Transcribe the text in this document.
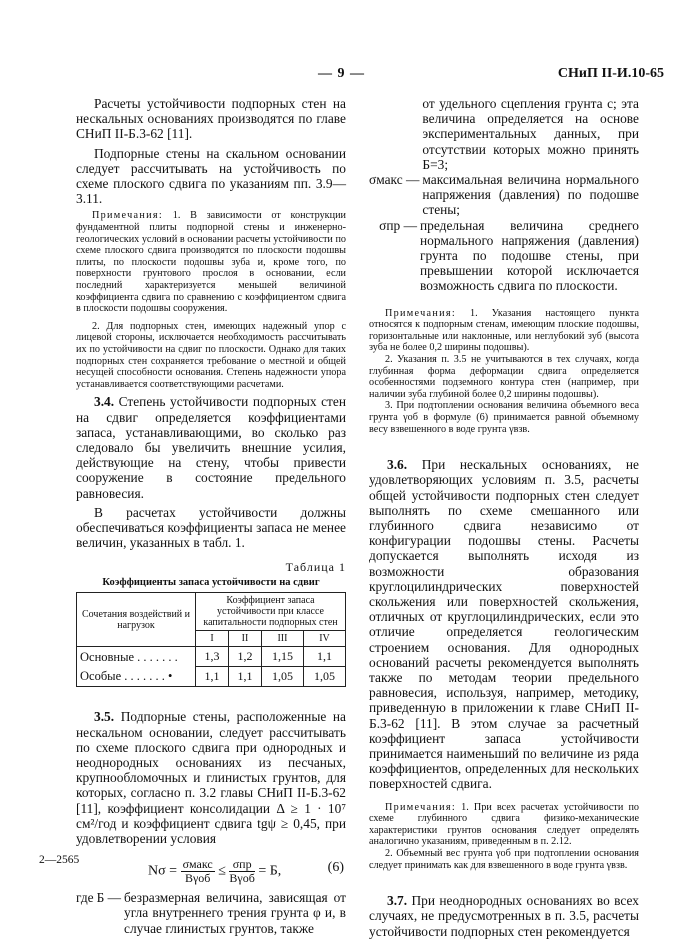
— 9 —	СНиП II-И.10-65

Расчеты устойчивости подпорных стен на нескальных основаниях производятся по главе СНиП II-Б.3-62 [11].

Подпорные стены на скальном основании следует рассчитывать на устойчивость по схеме плоского сдвига по указаниям пп. 3.9—3.11.

Примечания: 1. В зависимости от конструкции фундаментной плиты подпорной стены и инженерно-геологических условий в основании расчеты устойчивости по схеме плоского сдвига производятся по плоскости подошвы плиты, по плоскости подошвы зуба и, кроме того, по поверхности грунтового прослоя в основании, если последний характеризуется меньшей величиной коэффициента сдвига по сравнению с коэффициентом сдвига в плоскости подошвы сооружения.

2. Для подпорных стен, имеющих надежный упор с лицевой стороны, исключается необходимость рассчитывать их по устойчивости на сдвиг по плоскости. Однако для таких подпорных стен сохраняется требование о местной и общей несущей способности основания. Степень надежности упора устанавливается соответствующими расчетами.

3.4. Степень устойчивости подпорных стен на сдвиг определяется коэффициентами запаса, устанавливающими, во сколько раз следовало бы увеличить внешние усилия, действующие на стену, чтобы привести сооружение в состояние предельного равновесия.

В расчетах устойчивости должны обеспечиваться коэффициенты запаса не менее величин, указанных в табл. 1.

Таблица 1
Коэффициенты запаса устойчивости на сдвиг
Сочетания воздействий и нагрузок	Коэффициент запаса устойчивости при классе капитальности подпорных стен			
	I	II	III	IV
Основные . . . . . . .	1,3	1,2	1,15	1,1
Особые . . . . . . . •	1,1	1,1	1,05	1,05

3.5. Подпорные стены, расположенные на нескальном основании, следует рассчитывать по схеме плоского сдвига при однородных и неоднородных основаниях из песчаных, крупнообломочных и глинистых грунтов, для которых, согласно п. 3.2 главы СНиП II-Б.3-62 [11], коэффициент консолидации Δ ≥ 1 · 10⁷ см²/год и коэффициент сдвига tgψ ≥ 0,45, при удовлетворении условия

$N\sigma = \frac{\text{σмакс}}{\text{Bγоб}} \le \frac{\text{σпр}}{\text{Bγоб}} = Б$,	(6)
где Б — безразмерная величина, зависящая от угла внутреннего трения грунта φ и, в случае глинистых грунтов, также
от удельного сцепления грунта c; эта величина определяется на основе экспериментальных данных, при отсутствии которых можно принять Б=3;
σмакс — максимальная величина нормального напряжения (давления) по подошве стены;
σпр — предельная величина среднего нормального напряжения (давления) грунта по подошве стены, при превышении которой исключается возможность сдвига по плоскости.

Примечания: 1. Указания настоящего пункта относятся к подпорным стенам, имеющим плоские подошвы, горизонтальные или наклонные, или неглубокий зуб (высота зуба не более 0,2 ширины подошвы).

2. Указания п. 3.5 не учитываются в тех случаях, когда глубинная форма деформации сдвига определяется особенностями подземного контура стен (например, при наличии зуба глубиной более 0,2 ширины подошвы).

3. При подтоплении основания величина объемного веса грунта γоб в формуле (6) принимается равной объемному весу взвешенного в воде грунта γвзв.

3.6. При нескальных основаниях, не удовлетворяющих условиям п. 3.5, расчеты общей устойчивости подпорных стен следует выполнять по схеме смешанного или глубинного сдвига независимо от конфигурации подошвы стены. Расчеты допускается выполнять исходя из возможности образования круглоцилиндрических поверхностей скольжения или поверхностей скольжения, отличных от круглоцилиндрических, если это отличие определяется геологическим строением основания. Для однородных оснований расчеты рекомендуется выполнять также по методам теории предельного равновесия, используя, например, методику, приведенную в приложении к главе СНиП II-Б.3-62 [11]. В этом случае за расчетный коэффициент запаса устойчивости принимается наименьший по величине из ряда коэффициентов, определенных для нескольких поверхностей сдвига.

Примечания: 1. При всех расчетах устойчивости по схеме глубинного сдвига физико-механические характеристики грунтов основания следует определять аналогично указаниям, приведенным в п. 2.12.

2. Объемный вес грунта γоб при подтоплении основания следует принимать как для взвешенного в воде грунта γвзв.

3.7. При неоднородных основаниях во всех случаях, не предусмотренных в п. 3.5, расчеты устойчивости подпорных стен рекомендуется

2—2565
